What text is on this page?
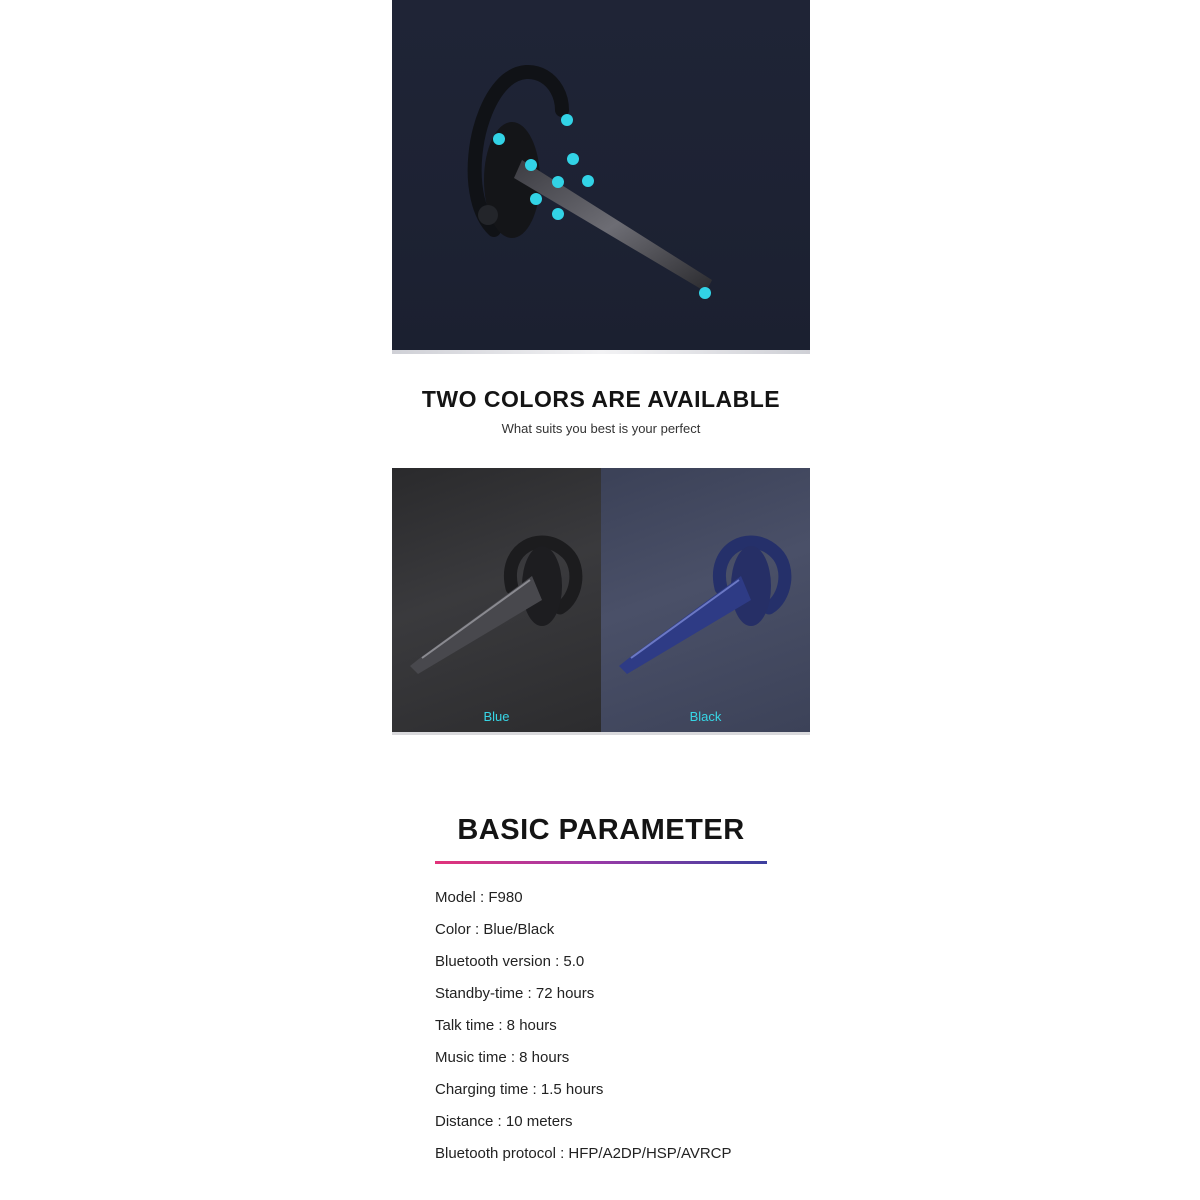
TWO COLORS ARE AVAILABLE
What suits you best is your perfect
Blue	Black
BASIC PARAMETER
Model : F980
Color : Blue/Black
Bluetooth version : 5.0
Standby-time : 72 hours
Talk time : 8 hours
Music time : 8 hours
Charging time : 1.5 hours
Distance : 10 meters
Bluetooth protocol : HFP/A2DP/HSP/AVRCP
